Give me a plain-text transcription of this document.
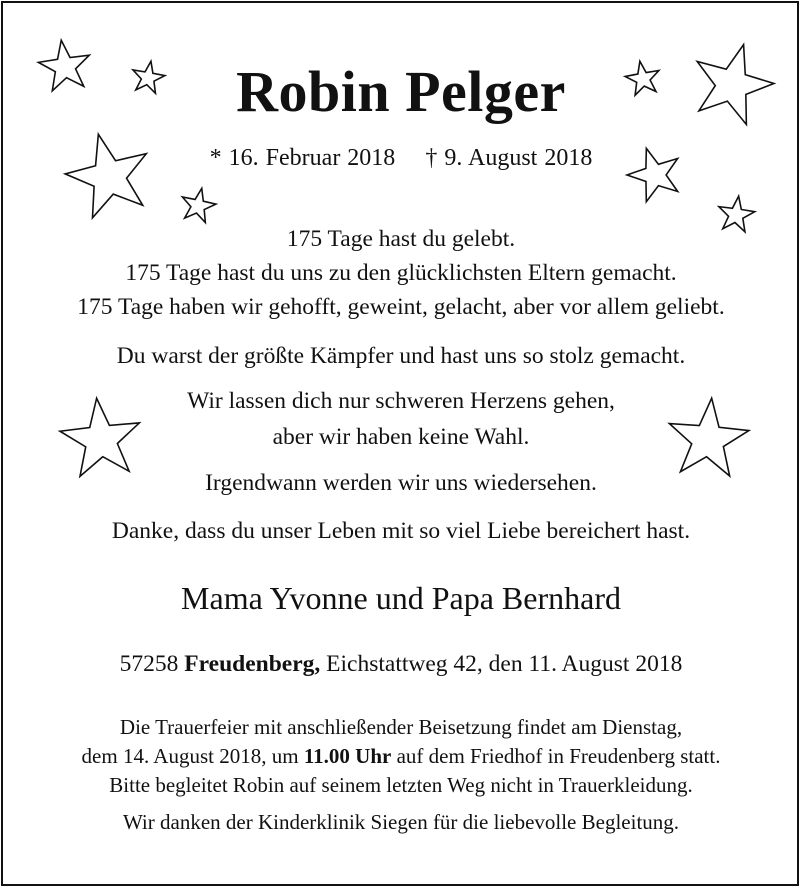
Robin Pelger
* 16. Februar 2018 † 9. August 2018
175 Tage hast du gelebt.
175 Tage hast du uns zu den glücklichsten Eltern gemacht.
175 Tage haben wir gehofft, geweint, gelacht, aber vor allem geliebt.
Du warst der größte Kämpfer und hast uns so stolz gemacht.
Wir lassen dich nur schweren Herzens gehen,
aber wir haben keine Wahl.
Irgendwann werden wir uns wiedersehen.
Danke, dass du unser Leben mit so viel Liebe bereichert hast.
Mama Yvonne und Papa Bernhard
57258 Freudenberg, Eichstattweg 42, den 11. August 2018
Die Trauerfeier mit anschließender Beisetzung findet am Dienstag,
dem 14. August 2018, um 11.00 Uhr auf dem Friedhof in Freudenberg statt.
Bitte begleitet Robin auf seinem letzten Weg nicht in Trauerkleidung.
Wir danken der Kinderklinik Siegen für die liebevolle Begleitung.
